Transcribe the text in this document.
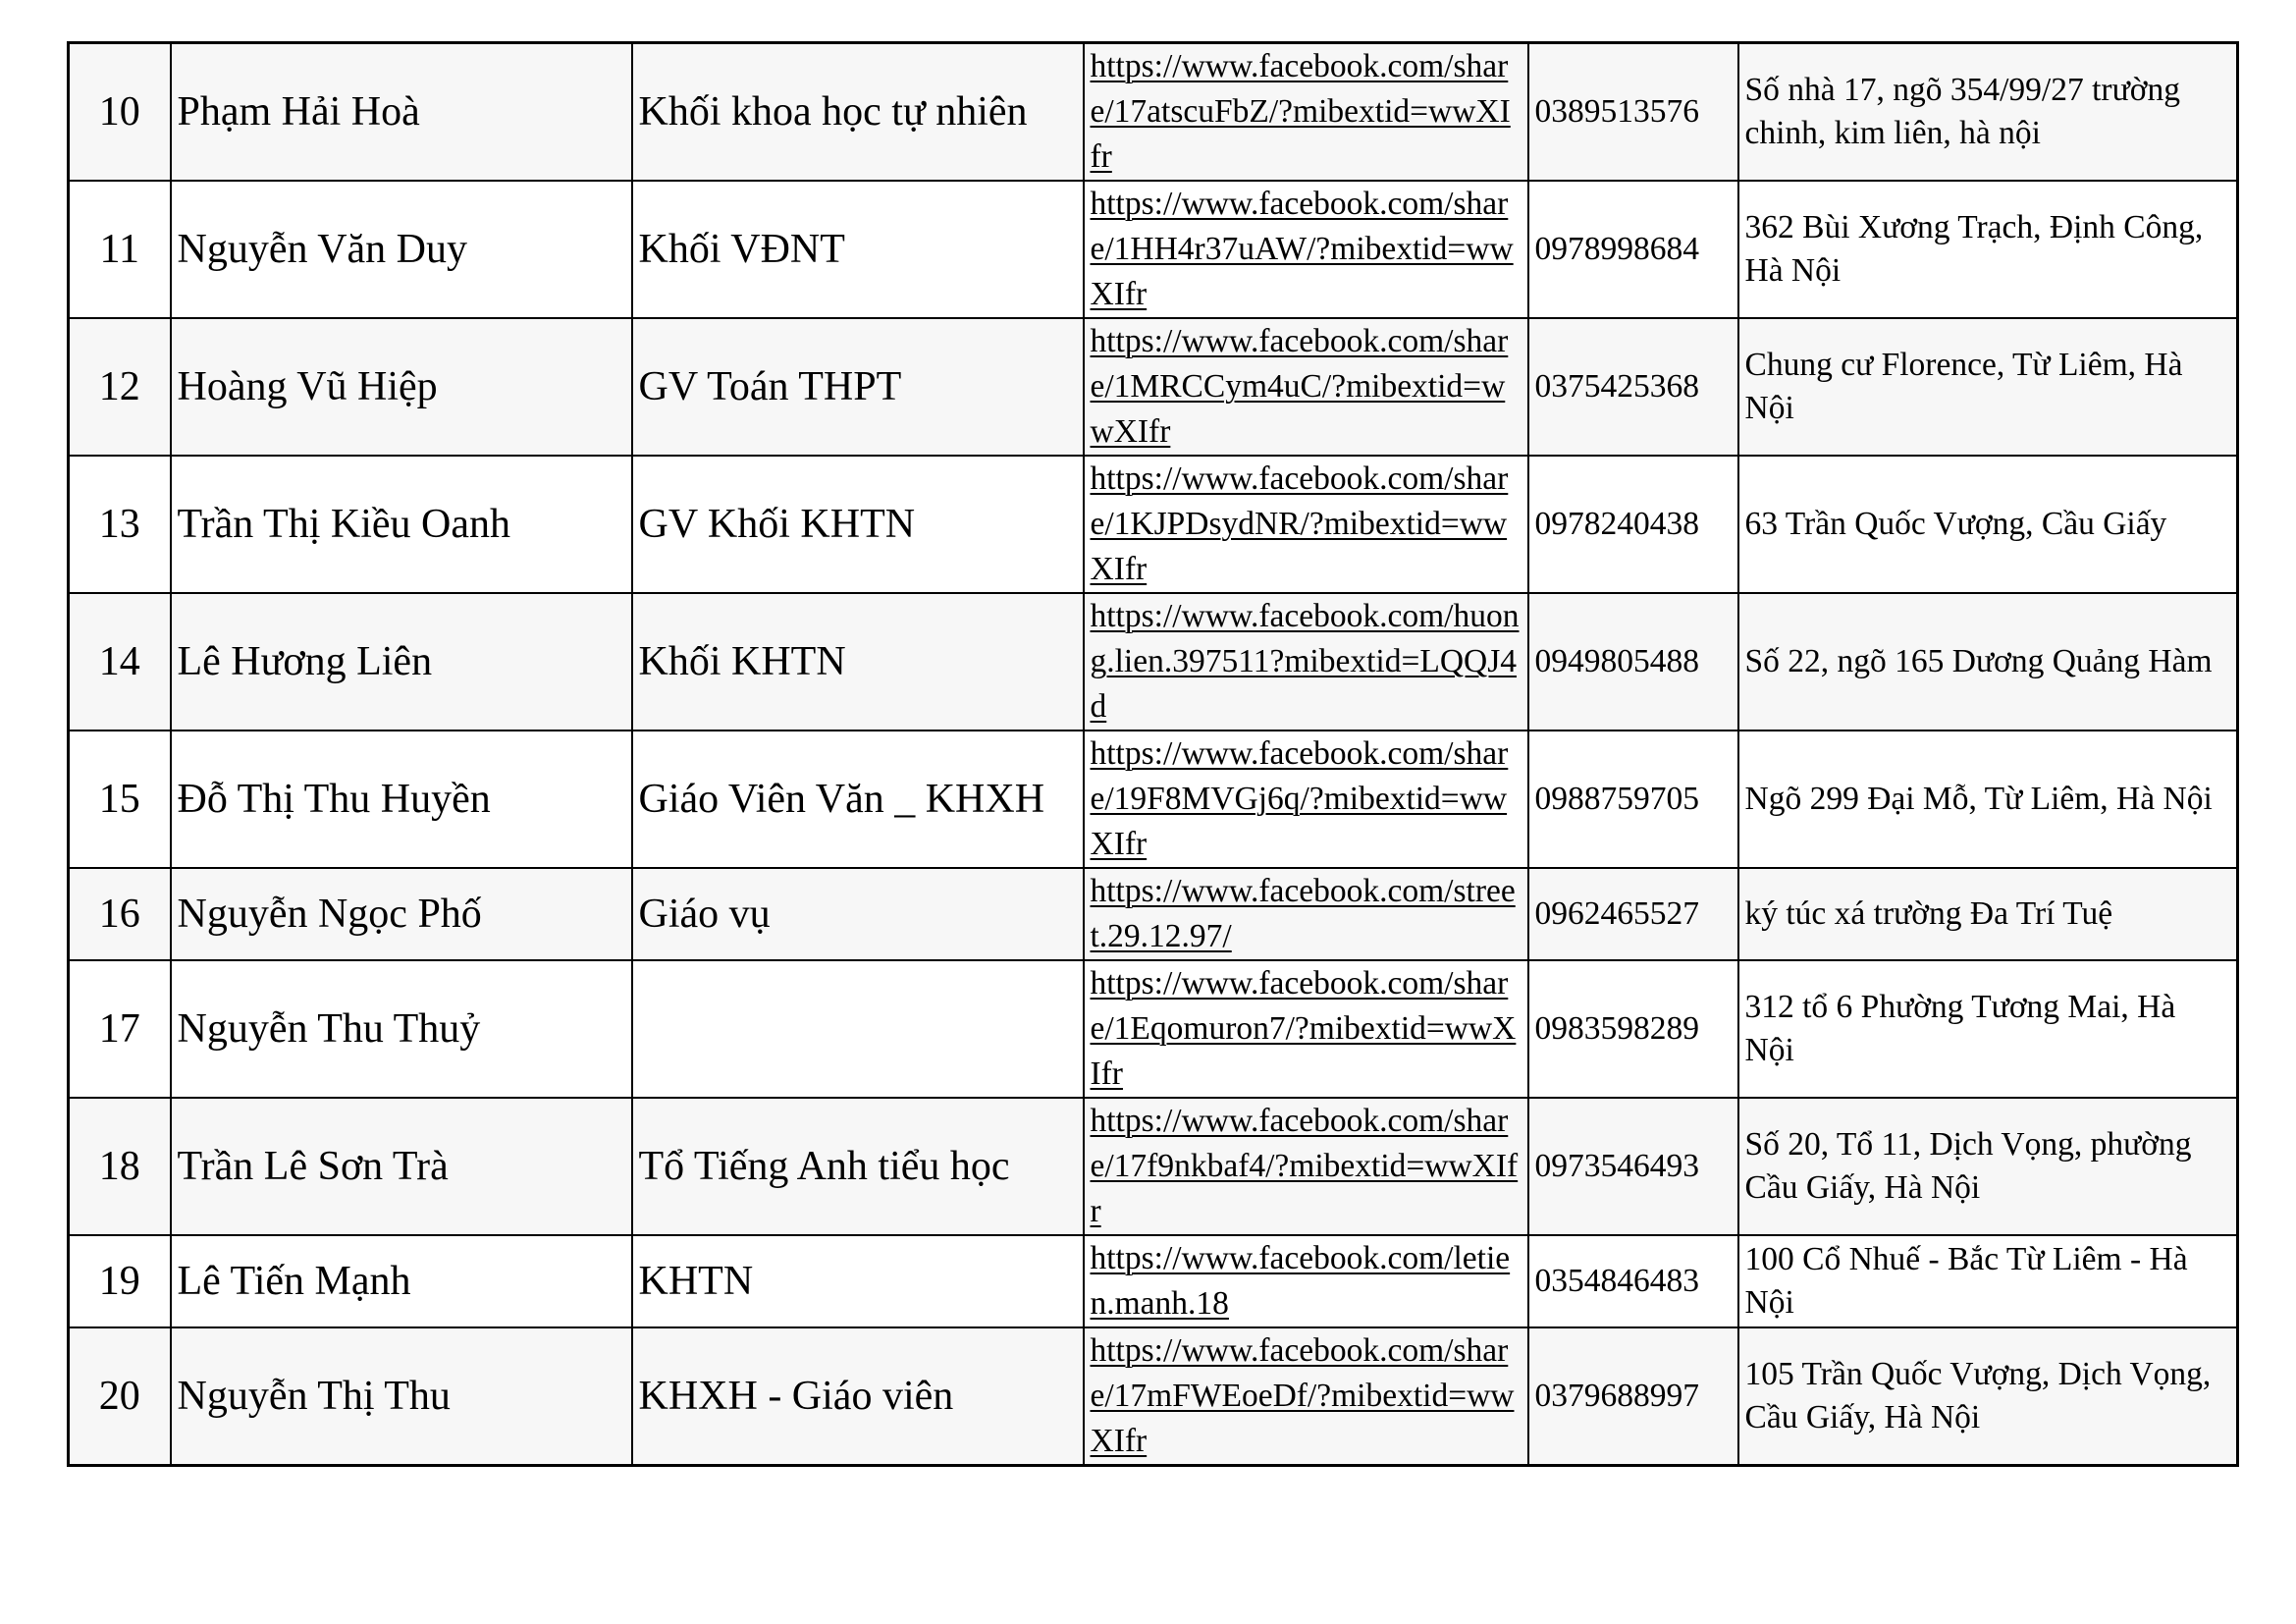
10	Phạm Hải Hoà	Khối khoa học tự nhiên	https://www.facebook.com/share/17atscuFbZ/?mibextid=wwXIfr	0389513576	Số nhà 17, ngõ 354/99/27 trường chinh, kim liên, hà nội
11	Nguyễn Văn Duy	Khối VĐNT	https://www.facebook.com/share/1HH4r37uAW/?mibextid=wwXIfr	0978998684	362 Bùi Xương Trạch, Định Công, Hà Nội
12	Hoàng Vũ Hiệp	GV Toán THPT	https://www.facebook.com/share/1MRCCym4uC/?mibextid=wwXIfr	0375425368	Chung cư Florence, Từ Liêm, Hà Nội
13	Trần Thị Kiều Oanh	GV Khối KHTN	https://www.facebook.com/share/1KJPDsydNR/?mibextid=wwXIfr	0978240438	63 Trần Quốc Vượng, Cầu Giấy
14	Lê Hương Liên	Khối KHTN	https://www.facebook.com/huong.lien.397511?mibextid=LQQJ4d	0949805488	Số 22, ngõ 165 Dương Quảng Hàm
15	Đỗ Thị Thu Huyền	Giáo Viên Văn _ KHXH	https://www.facebook.com/share/19F8MVGj6q/?mibextid=wwXIfr	0988759705	Ngõ 299 Đại Mỗ, Từ Liêm, Hà Nội
16	Nguyễn Ngọc Phố	Giáo vụ	https://www.facebook.com/street.29.12.97/	0962465527	ký túc xá trường Đa Trí Tuệ
17	Nguyễn Thu Thuỷ		https://www.facebook.com/share/1Eqomuron7/?mibextid=wwXIfr	0983598289	312 tổ 6 Phường Tương Mai, Hà Nội
18	Trần Lê Sơn Trà	Tổ Tiếng Anh tiểu học	https://www.facebook.com/share/17f9nkbaf4/?mibextid=wwXIfr	0973546493	Số 20, Tổ 11, Dịch Vọng, phường Cầu Giấy, Hà Nội
19	Lê Tiến Mạnh	KHTN	https://www.facebook.com/letien.manh.18	0354846483	100 Cổ Nhuế - Bắc Từ Liêm - Hà Nội
20	Nguyễn Thị Thu	KHXH - Giáo viên	https://www.facebook.com/share/17mFWEoeDf/?mibextid=wwXIfr	0379688997	105 Trần Quốc Vượng, Dịch Vọng, Cầu Giấy, Hà Nội
